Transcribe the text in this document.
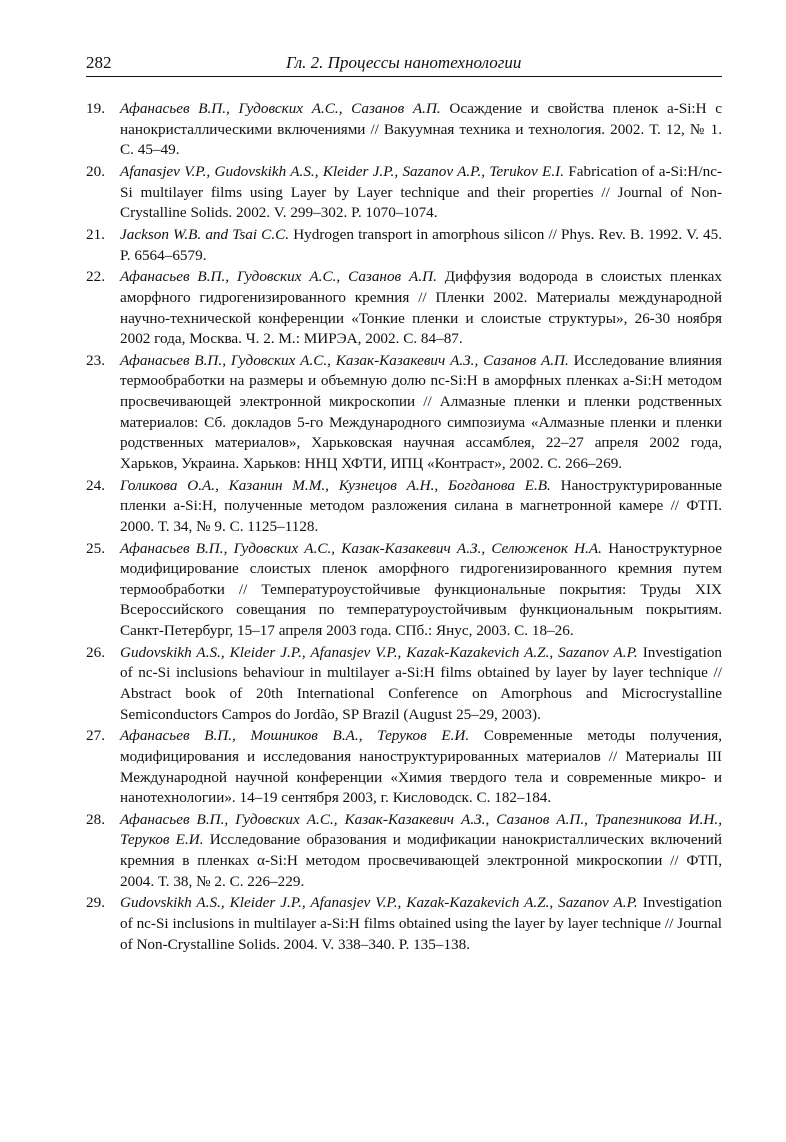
282	Гл. 2. Процессы нанотехнологии
19. Афанасьев В.П., Гудовских А.С., Сазанов А.П. Осаждение и свойства пленок a-Si:H с нанокристаллическими включениями // Вакуумная техника и технология. 2002. Т. 12, № 1. С. 45–49.
20. Afanasjev V.P., Gudovskikh A.S., Kleider J.P., Sazanov A.P., Terukov E.I. Fabrication of a-Si:H/nc-Si multilayer films using Layer by Layer technique and their properties // Journal of Non-Crystalline Solids. 2002. V. 299–302. P. 1070–1074.
21. Jackson W.B. and Tsai C.C. Hydrogen transport in amorphous silicon // Phys. Rev. B. 1992. V. 45. P. 6564–6579.
22. Афанасьев В.П., Гудовских А.С., Сазанов А.П. Диффузия водорода в слоистых пленках аморфного гидрогенизированного кремния // Пленки 2002. Материалы международной научно-технической конференции «Тонкие пленки и слоистые структуры», 26-30 ноября 2002 года, Москва. Ч. 2. М.: МИРЭА, 2002. С. 84–87.
23. Афанасьев В.П., Гудовских А.С., Казак-Казакевич А.З., Сазанов А.П. Исследование влияния термообработки на размеры и объемную долю nc-Si:H в аморфных пленках a-Si:H методом просвечивающей электронной микроскопии // Алмазные пленки и пленки родственных материалов: Сб. докладов 5-го Международного симпозиума «Алмазные пленки и пленки родственных материалов», Харьковская научная ассамблея, 22–27 апреля 2002 года, Харьков, Украина. Харьков: ННЦ ХФТИ, ИПЦ «Контраст», 2002. С. 266–269.
24. Голикова О.А., Казанин М.М., Кузнецов А.Н., Богданова Е.В. Наноструктурированные пленки a-Si:H, полученные методом разложения силана в магнетронной камере // ФТП. 2000. Т. 34, № 9. С. 1125–1128.
25. Афанасьев В.П., Гудовских А.С., Казак-Казакевич А.З., Селюженок Н.А. Наноструктурное модифицирование слоистых пленок аморфного гидрогенизированного кремния путем термообработки // Температуроустойчивые функциональные покрытия: Труды XIX Всероссийского совещания по температуроустойчивым функциональным покрытиям. Санкт-Петербург, 15–17 апреля 2003 года. СПб.: Янус, 2003. С. 18–26.
26. Gudovskikh A.S., Kleider J.P., Afanasjev V.P., Kazak-Kazakevich A.Z., Sazanov A.P. Investigation of nc-Si inclusions behaviour in multilayer a-Si:H films obtained by layer by layer technique // Abstract book of 20th International Conference on Amorphous and Microcrystalline Semiconductors Campos do Jordão, SP Brazil (August 25–29, 2003).
27. Афанасьев В.П., Мошников В.А., Теруков Е.И. Современные методы получения, модифицирования и исследования наноструктурированных материалов // Материалы III Международной научной конференции «Химия твердого тела и современные микро- и нанотехнологии». 14–19 сентября 2003, г. Кисловодск. С. 182–184.
28. Афанасьев В.П., Гудовских А.С., Казак-Казакевич А.З., Сазанов А.П., Трапезникова И.Н., Теруков Е.И. Исследование образования и модификации нанокристаллических включений кремния в пленках α-Si:H методом просвечивающей электронной микроскопии // ФТП, 2004. Т. 38, № 2. С. 226–229.
29. Gudovskikh A.S., Kleider J.P., Afanasjev V.P., Kazak-Kazakevich A.Z., Sazanov A.P. Investigation of nc-Si inclusions in multilayer a-Si:H films obtained using the layer by layer technique // Journal of Non-Crystalline Solids. 2004. V. 338–340. P. 135–138.
